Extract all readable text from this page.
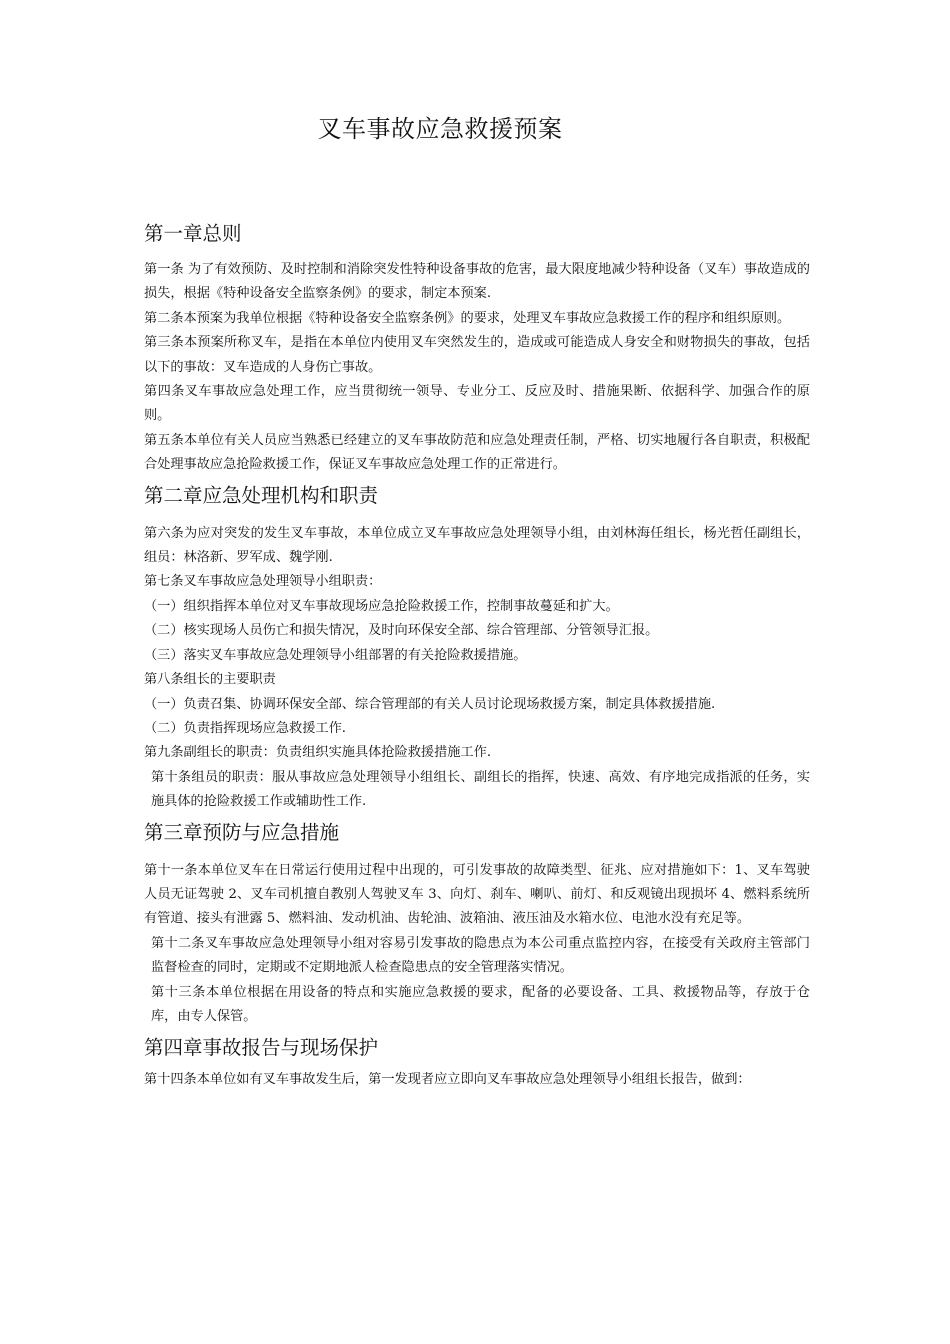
叉车事故应急救援预案
第一章总则

第一条 为了有效预防、及时控制和消除突发性特种设备事故的危害，最大限度地减少特种设备（叉车）事故造成的损失，根据《特种设备安全监察条例》的要求，制定本预案.

第二条本预案为我单位根据《特种设备安全监察条例》的要求，处理叉车事故应急救援工作的程序和组织原则。

第三条本预案所称叉车，是指在本单位内使用叉车突然发生的，造成或可能造成人身安全和财物损失的事故，包括以下的事故：叉车造成的人身伤亡事故。

第四条叉车事故应急处理工作，应当贯彻统一领导、专业分工、反应及时、措施果断、依据科学、加强合作的原则。

第五条本单位有关人员应当熟悉已经建立的叉车事故防范和应急处理责任制，严格、切实地履行各自职责，积极配合处理事故应急抢险救援工作，保证叉车事故应急处理工作的正常进行。

第二章应急处理机构和职责

第六条为应对突发的发生叉车事故，本单位成立叉车事故应急处理领导小组，由刘林海任组长，杨光哲任副组长，组员：林洛新、罗军成、魏学刚.

第七条叉车事故应急处理领导小组职责：

（一）组织指挥本单位对叉车事故现场应急抢险救援工作，控制事故蔓延和扩大。

（二）核实现场人员伤亡和损失情况，及时向环保安全部、综合管理部、分管领导汇报。

（三）落实叉车事故应急处理领导小组部署的有关抢险救援措施。

第八条组长的主要职责

（一）负责召集、协调环保安全部、综合管理部的有关人员讨论现场救援方案，制定具体救援措施.

（二）负责指挥现场应急救援工作.

第九条副组长的职责：负责组织实施具体抢险救援措施工作.

第十条组员的职责：服从事故应急处理领导小组组长、副组长的指挥，快速、高效、有序地完成指派的任务，实施具体的抢险救援工作或辅助性工作.

第三章预防与应急措施

第十一条本单位叉车在日常运行使用过程中出现的，可引发事故的故障类型、征兆、应对措施如下：1、叉车驾驶人员无证驾驶 2、叉车司机擅自教别人驾驶叉车 3、向灯、刹车、喇叭、前灯、和反观镜出现损坏 4、燃料系统所有管道、接头有泄露 5、燃料油、发动机油、齿轮油、波箱油、液压油及水箱水位、电池水没有充足等。

第十二条叉车事故应急处理领导小组对容易引发事故的隐患点为本公司重点监控内容，在接受有关政府主管部门监督检查的同时，定期或不定期地派人检查隐患点的安全管理落实情况。

第十三条本单位根据在用设备的特点和实施应急救援的要求，配备的必要设备、工具、救援物品等，存放于仓库，由专人保管。

第四章事故报告与现场保护

第十四条本单位如有叉车事故发生后，第一发现者应立即向叉车事故应急处理领导小组组长报告，做到：
